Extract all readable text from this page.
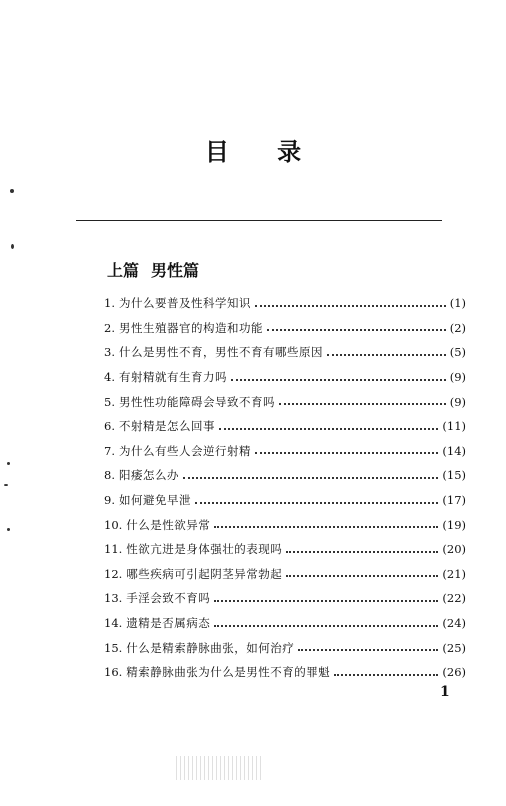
目 录
上篇 男性篇
1. 为什么要普及性科学知识	(1)
2. 男性生殖器官的构造和功能	(2)
3. 什么是男性不育，男性不育有哪些原因	(5)
4. 有射精就有生育力吗	(9)
5. 男性性功能障碍会导致不育吗	(9)
6. 不射精是怎么回事	(11)
7. 为什么有些人会逆行射精	(14)
8. 阳痿怎么办	(15)
9. 如何避免早泄	(17)
10. 什么是性欲异常	(19)
11. 性欲亢进是身体强壮的表现吗	(20)
12. 哪些疾病可引起阴茎异常勃起	(21)
13. 手淫会致不育吗	(22)
14. 遗精是否属病态	(24)
15. 什么是精索静脉曲张，如何治疗	(25)
16. 精索静脉曲张为什么是男性不育的罪魁	(26)
1
